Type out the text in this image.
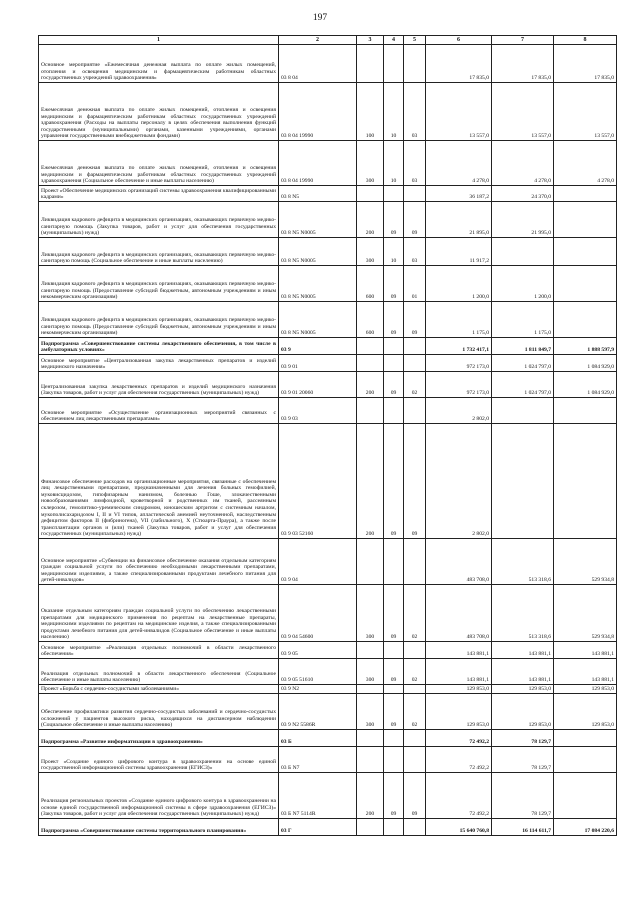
197
1	2	3	4	5	6	7	8
Основное мероприятие «Ежемесячная денежная выплата по оплате жилых помещений, отопления и освещения медицинским и фармацевтическим работникам областных государственных учреждений здравоохранения»	03 8 04				17 835,0	17 835,0	17 835,0
Ежемесячная денежная выплата по оплате жилых помещений, отопления и освещения медицинским и фармацевтическим работникам областных государственных учреждений здравоохранения (Расходы на выплаты персоналу в целях обеспечения выполнения функций государственными (муниципальными) органами, казенными учреждениями, органами управления государственными внебюджетными фондами)	03 8 04 19990	100	10	03	13 557,0	13 557,0	13 557,0
Ежемесячная денежная выплата по оплате жилых помещений, отопления и освещения медицинским и фармацевтическим работникам областных государственных учреждений здравоохранения (Социальное обеспечение и иные выплаты населению)	03 8 04 19990	300	10	03	4 278,0	4 278,0	4 278,0
Проект «Обеспечение медицинских организаций системы здравоохранения квалифицированными кадрами»	03 8 N5				36 187,2	24 370,0	
Ликвидация кадрового дефицита в медицинских организациях, оказывающих первичную медико-санитарную помощь (Закупка товаров, работ и услуг для обеспечения государственных (муниципальных) нужд)	03 8 N5 N0005	200	09	09	21 895,0	21 995,0	
Ликвидация кадрового дефицита в медицинских организациях, оказывающих первичную медико-санитарную помощь (Социальное обеспечение и иные выплаты населению)	03 8 N5 N0005	300	10	03	11 917,2		
Ликвидация кадрового дефицита в медицинских организациях, оказывающих первичную медико-санитарную помощь (Предоставление субсидий бюджетным, автономным учреждениям и иным некоммерческим организациям)	03 8 N5 N0005	600	09	01	1 200,0	1 200,0	
Ликвидация кадрового дефицита в медицинских организациях, оказывающих первичную медико-санитарную помощь (Предоставление субсидий бюджетным, автономным учреждениям и иным некоммерческим организациям)	03 8 N5 N0005	600	09	09	1 175,0	1 175,0	
Подпрограмма «Совершенствование системы лекарственного обеспечения, в том числе в амбулаторных условиях»	03 9				1 732 417,1	1 811 849,7	1 888 597,9
Основное мероприятие «Централизованная закупка лекарственных препаратов и изделий медицинского назначения»	03 9 01				972 173,0	1 024 797,0	1 084 929,0
Централизованная закупка лекарственных препаратов и изделий медицинского назначения (Закупка товаров, работ и услуг для обеспечения государственных (муниципальных) нужд)	03 9 01 20060	200	09	02	972 173,0	1 024 797,0	1 084 929,0
Основное мероприятие «Осуществление организационных мероприятий связанных с обеспечением лиц лекарственными препаратами»	03 9 03				2 802,0		
Финансовое обеспечение расходов на организационные мероприятия, связанные с обеспечением лиц лекарственными препаратами, предназначенными для лечения больных гемофилией, муковисцидозом, гипофизарным нанизмом, болезнью Гоше, злокачественными новообразованиями лимфоидной, кроветворной и родственных им тканей, рассеянным склерозом, гемолитико-уремическим синдромом, юношеским артритом с системным началом, мукополисахаридозом I, II и VI типов, апластической анемией неуточненной, наследственным дефицитом факторов II (фибриногена), VII (лабильного), X (Стюарта-Праура), а также после трансплантации органов и (или) тканей (Закупка товаров, работ и услуг для обеспечения государственных (муниципальных) нужд)	03 9 03 52160	200	09	09	2 802,0		
Основное мероприятие «Субвенции на финансовое обеспечение оказания отдельным категориям граждан социальной услуги по обеспечению необходимыми лекарственными препаратами, медицинскими изделиями, а также специализированными продуктами лечебного питания для детей-инвалидов»	03 9 04				483 708,0	513 318,6	529 934,8
Оказание отдельным категориям граждан социальной услуги по обеспечению лекарственными препаратами для медицинского применения по рецептам на лекарственные препараты, медицинскими изделиями по рецептам на медицинские изделия, а также специализированными продуктами лечебного питания для детей-инвалидов (Социальное обеспечение и иные выплаты населению)	03 9 04 54600	300	09	02	483 708,0	513 318,6	529 934,8
Основное мероприятие «Реализация отдельных полномочий в области лекарственного обеспечения»	03 9 05				143 881,1	143 881,1	143 881,1
Реализация отдельных полномочий в области лекарственного обеспечения (Социальное обеспечение и иные выплаты населению)	03 9 05 51610	300	09	02	143 881,1	143 881,1	143 881,1
Проект «Борьба с сердечно-сосудистыми заболеваниями»	03 9 N2				129 853,0	129 853,0	129 853,0
Обеспечение профилактики развития сердечно-сосудистых заболеваний и сердечно-сосудистых осложнений у пациентов высокого риска, находящихся на диспансерном наблюдении (Социальное обеспечение и иные выплаты населению)	03 9 N2 5586R	300	09	02	129 853,0	129 853,0	129 853,0
Подпрограмма «Развитие информатизации в здравоохранении»	03 Б				72 492,2	78 129,7	
Проект «Создание единого цифрового контура в здравоохранении на основе единой государственной информационной системы здравоохранения (ЕГИСЗ)»	03 Б N7				72 492,2	78 129,7	
Реализация региональных проектов «Создание единого цифрового контура в здравоохранении на основе единой государственной информационной системы в сфере здравоохранения (ЕГИСЗ)» (Закупка товаров, работ и услуг для обеспечения государственных (муниципальных) нужд)	03 Б N7 5114R	200	09	09	72 492,2	78 129,7	
Подпрограмма «Совершенствование системы территориального планирования»	03 Г				15 640 760,8	16 114 611,7	17 084 220,6
